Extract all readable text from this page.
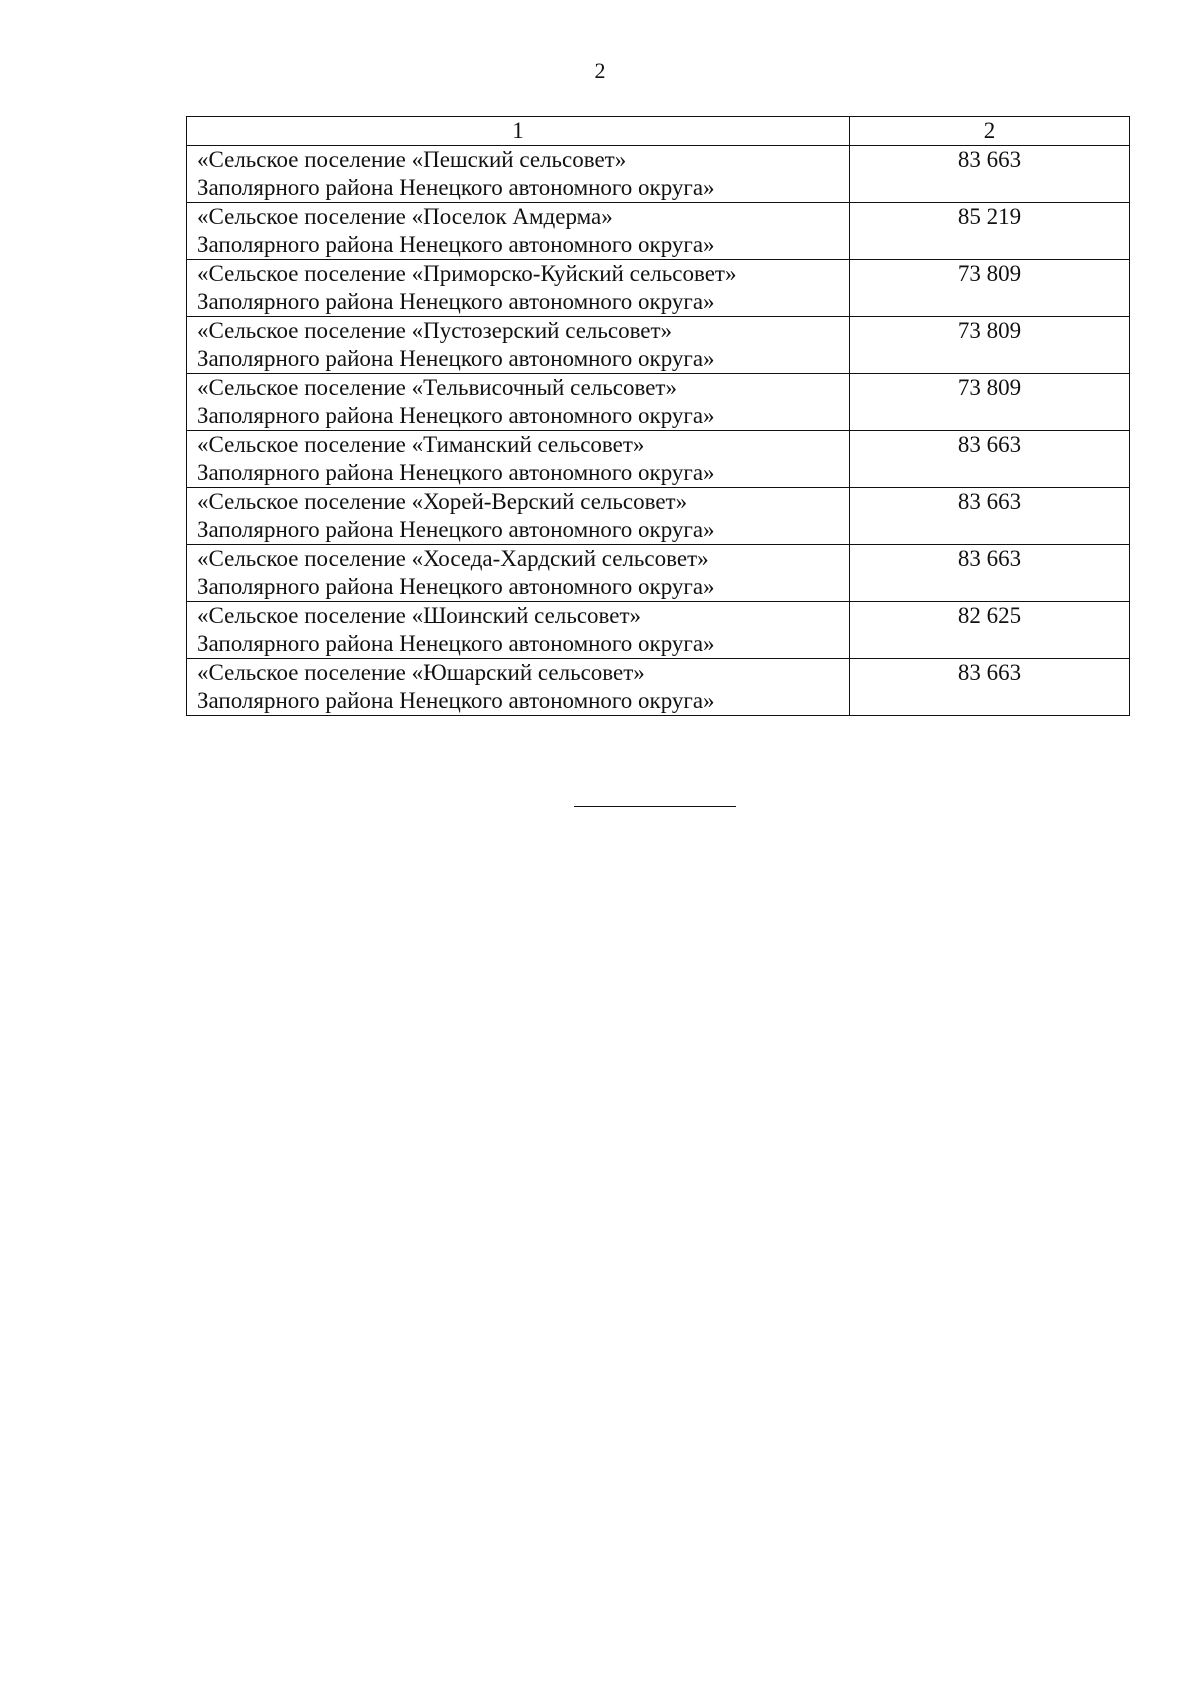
2
1	2

«Сельское поселение «Пешский сельсовет»
Заполярного района Ненецкого автономного округа»	83 663

«Сельское поселение «Поселок Амдерма»
Заполярного района Ненецкого автономного округа»	85 219

«Сельское поселение «Приморско-Куйский сельсовет»
Заполярного района Ненецкого автономного округа»	73 809

«Сельское поселение «Пустозерский сельсовет»
Заполярного района Ненецкого автономного округа»	73 809

«Сельское поселение «Тельвисочный сельсовет»
Заполярного района Ненецкого автономного округа»	73 809

«Сельское поселение «Тиманский сельсовет»
Заполярного района Ненецкого автономного округа»	83 663

«Сельское поселение «Хорей-Верский сельсовет»
Заполярного района Ненецкого автономного округа»	83 663

«Сельское поселение «Хоседа-Хардский сельсовет»
Заполярного района Ненецкого автономного округа»	83 663

«Сельское поселение «Шоинский сельсовет»
Заполярного района Ненецкого автономного округа»	82 625

«Сельское поселение «Юшарский сельсовет»
Заполярного района Ненецкого автономного округа»	83 663
